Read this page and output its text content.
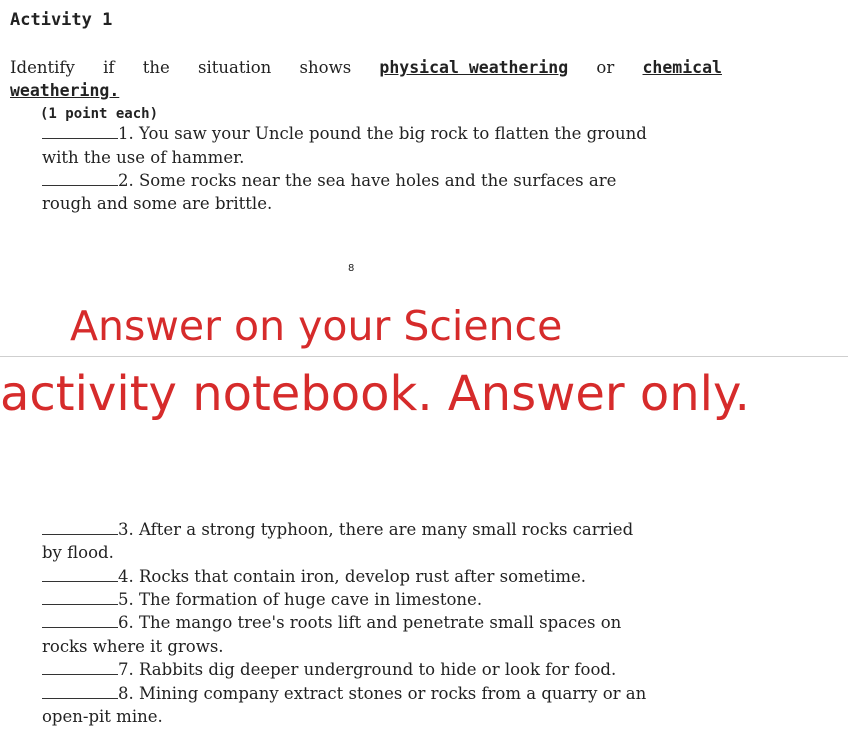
Activity 1
Identify if the situation shows physical weathering or chemical
weathering.
(1 point each)
1. You saw your Uncle pound the big rock to flatten the ground
with the use of hammer.
2. Some rocks near the sea have holes and the surfaces are
rough and some are brittle.
8
Answer on your Science
activity notebook. Answer only.
3. After a strong typhoon, there are many small rocks carried
by flood.
4. Rocks that contain iron, develop rust after sometime.
5. The formation of huge cave in limestone.
6. The mango tree's roots lift and penetrate small spaces on
rocks where it grows.
7. Rabbits dig deeper underground to hide or look for food.
8. Mining company extract stones or rocks from a quarry or an
open-pit mine.
